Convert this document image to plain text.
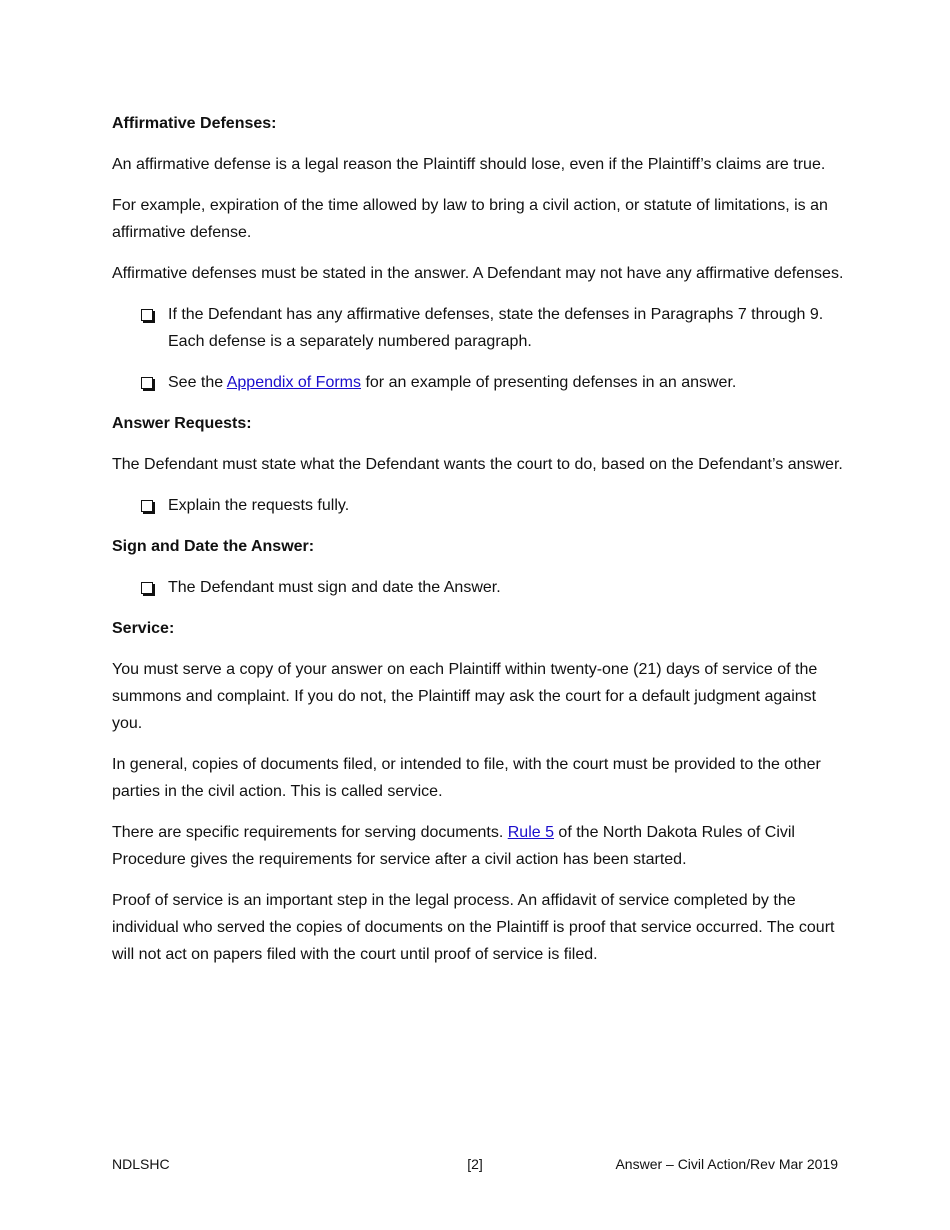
Affirmative Defenses:

An affirmative defense is a legal reason the Plaintiff should lose, even if the Plaintiff’s claims are true.

For example, expiration of the time allowed by law to bring a civil action, or statute of limitations, is an affirmative defense.

Affirmative defenses must be stated in the answer. A Defendant may not have any affirmative defenses.

If the Defendant has any affirmative defenses, state the defenses in Paragraphs 7 through 9. Each defense is a separately numbered paragraph.
See the Appendix of Forms for an example of presenting defenses in an answer.
Answer Requests:

The Defendant must state what the Defendant wants the court to do, based on the Defendant’s answer.

Explain the requests fully.
Sign and Date the Answer:
The Defendant must sign and date the Answer.
Service:

You must serve a copy of your answer on each Plaintiff within twenty-one (21) days of service of the summons and complaint. If you do not, the Plaintiff may ask the court for a default judgment against you.

In general, copies of documents filed, or intended to file, with the court must be provided to the other parties in the civil action. This is called service.

There are specific requirements for serving documents. Rule 5 of the North Dakota Rules of Civil Procedure gives the requirements for service after a civil action has been started.

Proof of service is an important step in the legal process. An affidavit of service completed by the individual who served the copies of documents on the Plaintiff is proof that service occurred. The court will not act on papers filed with the court until proof of service is filed.

NDLSHC	[2]	Answer – Civil Action/Rev Mar 2019
